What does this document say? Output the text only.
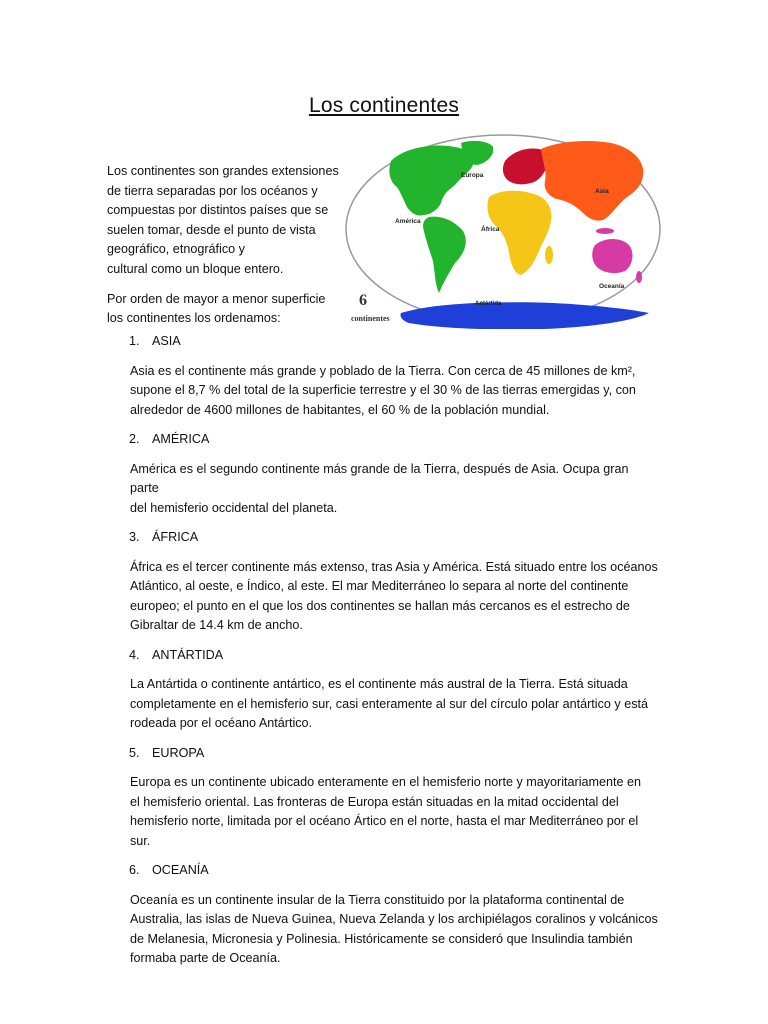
Los continentes

Los continentes son grandes extensiones
de tierra separadas por los océanos y
compuestas por distintos países que se
suelen tomar, desde el punto de vista
geográfico, etnográfico y
cultural como un bloque entero.

Por orden de mayor a menor superficie
los continentes los ordenamos:

Europa
Asia
América
África
Oceanía
Antártida
6
continentes
1. ASIA

Asia es el continente más grande y poblado de la Tierra. Con cerca de 45 millones de km²,
supone el 8,7 % del total de la superficie terrestre y el 30 % de las tierras emergidas y, con
alrededor de 4600 millones de habitantes, el 60 % de la población mundial.

2. AMÉRICA

América es el segundo continente más grande de la Tierra, después de Asia. Ocupa gran parte
del hemisferio occidental del planeta.

3. ÁFRICA

África es el tercer continente más extenso, tras Asia y América. Está situado entre los océanos
Atlántico, al oeste, e Índico, al este. El mar Mediterráneo lo separa al norte del continente
europeo; el punto en el que los dos continentes se hallan más cercanos es el estrecho de
Gibraltar de 14.4 km de ancho.

4. ANTÁRTIDA

La Antártida o continente antártico, es el continente más austral de la Tierra. Está situada
completamente en el hemisferio sur, casi enteramente al sur del círculo polar antártico y está
rodeada por el océano Antártico.

5. EUROPA

Europa es un continente ubicado enteramente en el hemisferio norte y mayoritariamente en
el hemisferio oriental. Las fronteras de Europa están situadas en la mitad occidental del
hemisferio norte, limitada por el océano Ártico en el norte, hasta el mar Mediterráneo por el
sur.

6. OCEANÍA

Oceanía es un continente insular de la Tierra constituido por la plataforma continental de
Australia, las islas de Nueva Guinea, Nueva Zelanda y los archipiélagos coralinos y volcánicos
de Melanesia, Micronesia y Polinesia. Históricamente se consideró que Insulindia también
formaba parte de Oceanía.
